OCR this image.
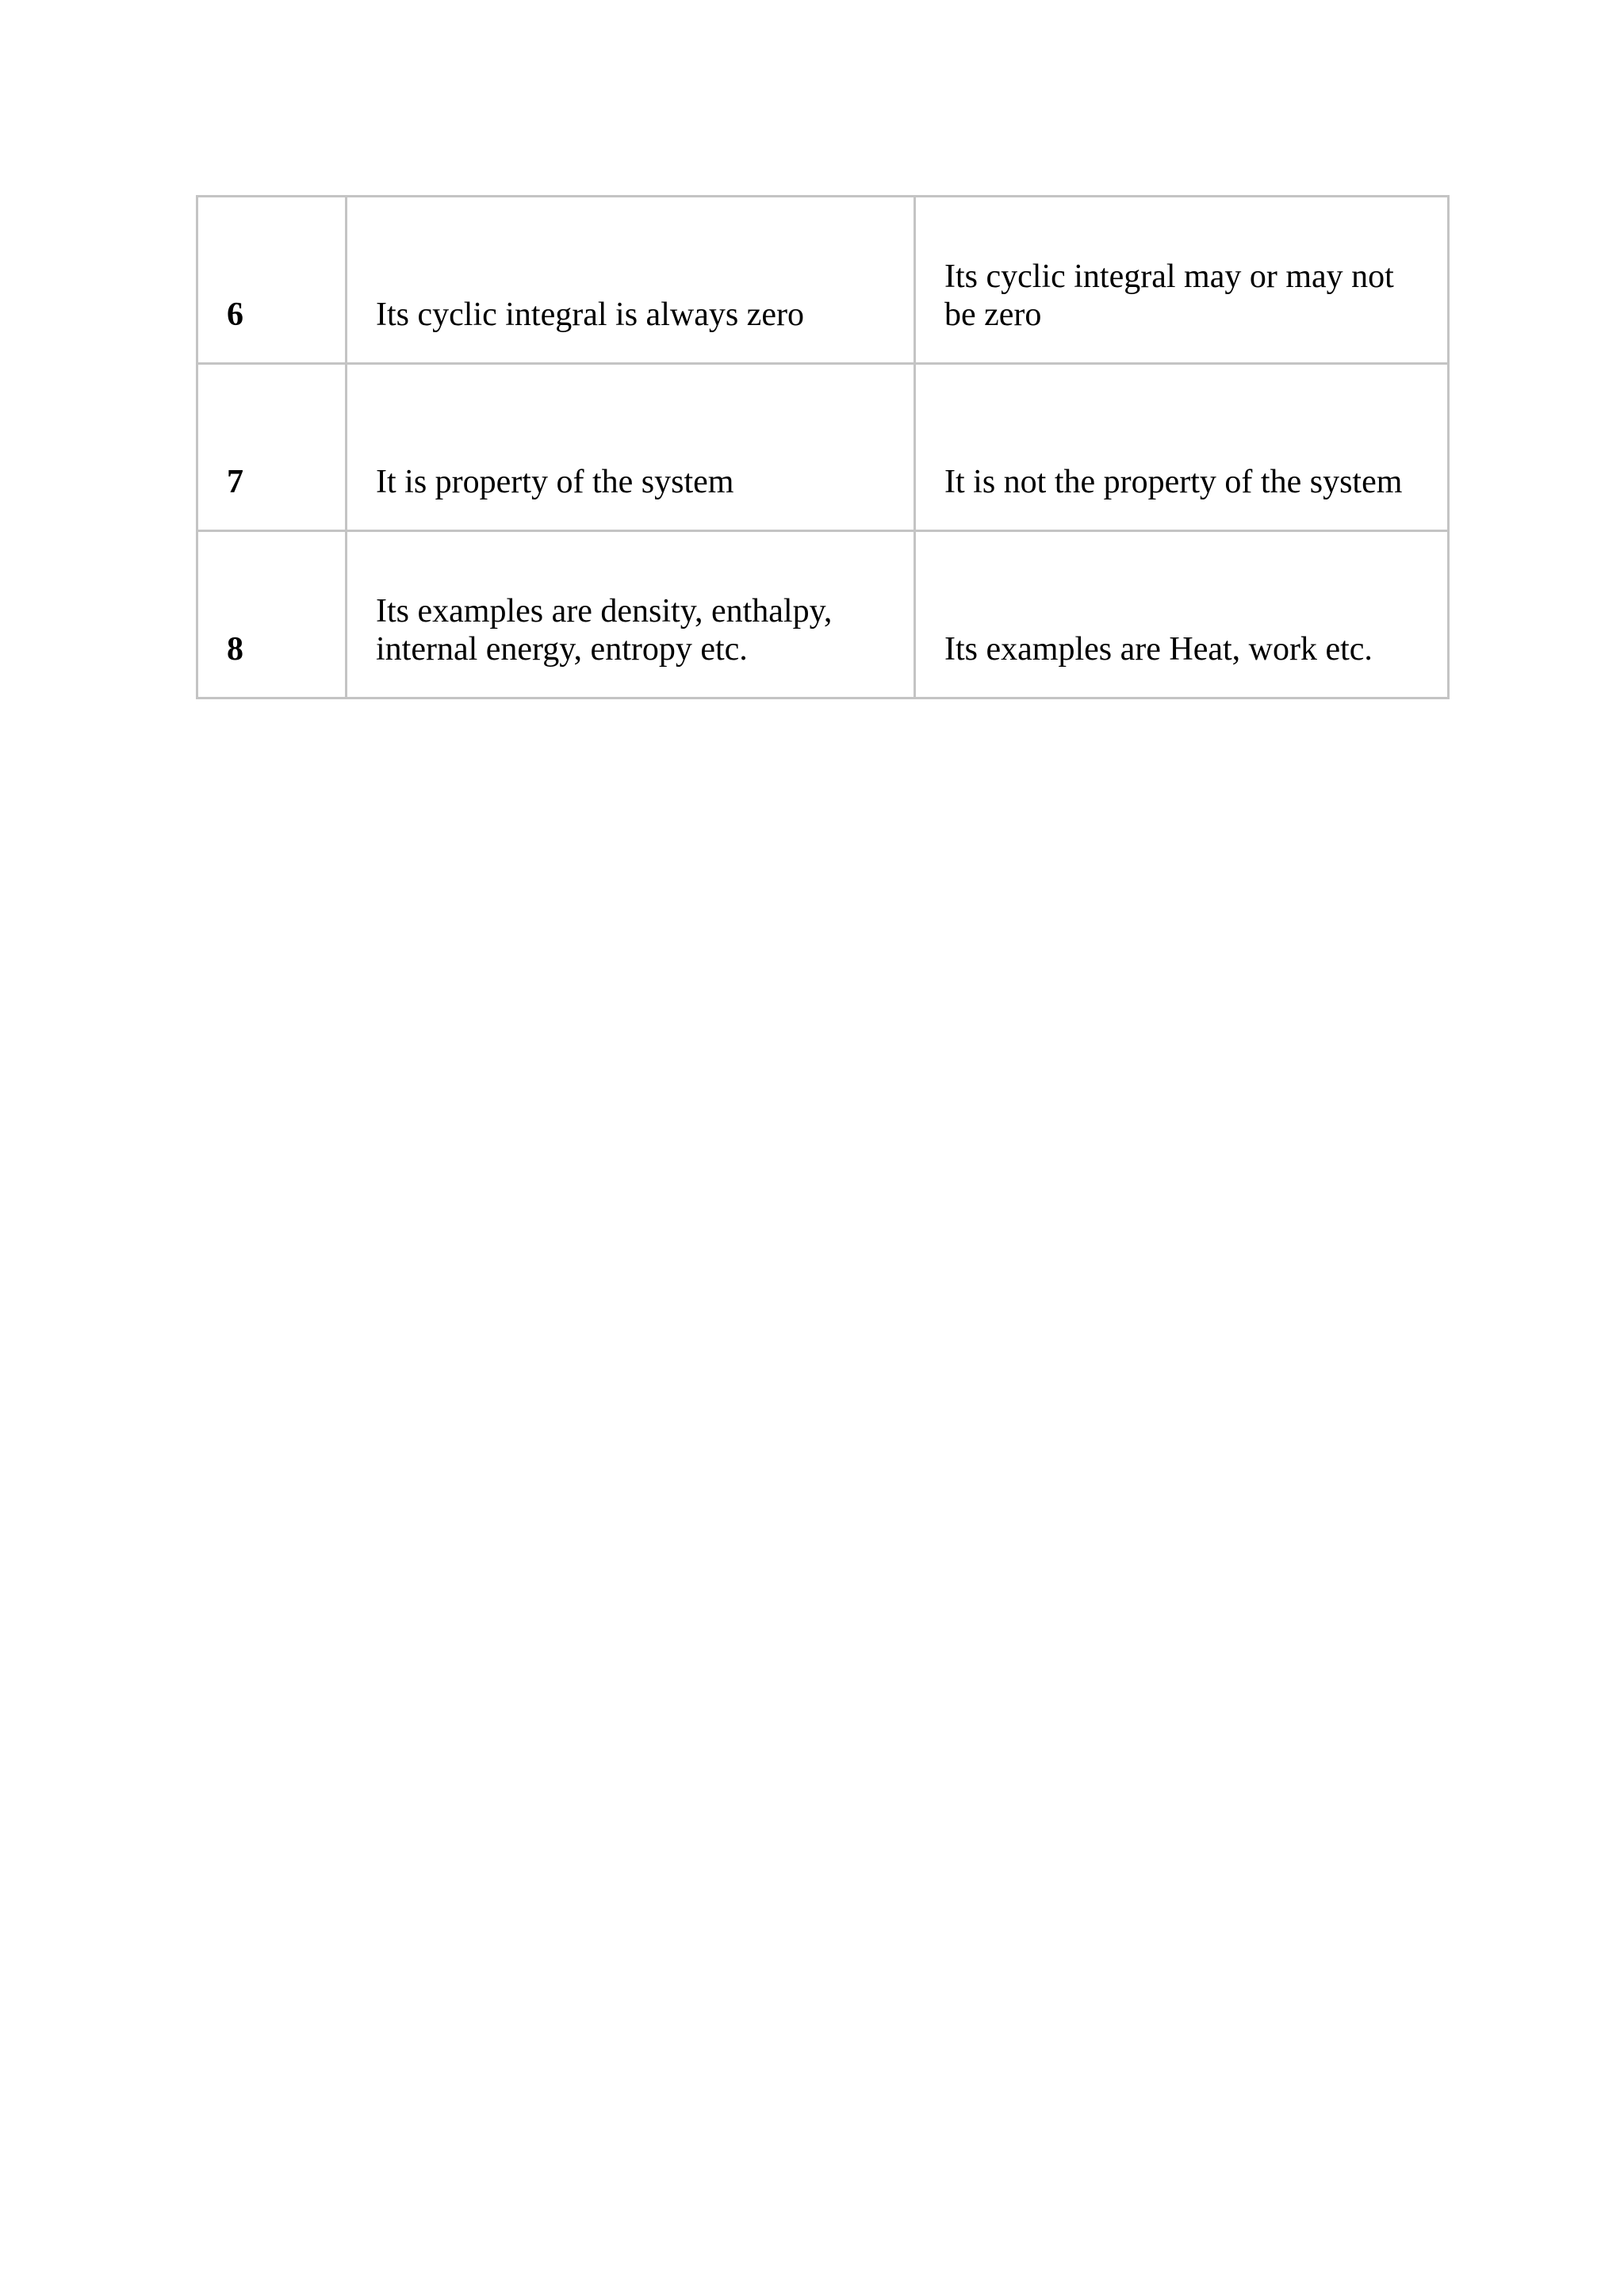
6	Its cyclic integral is always zero	Its cyclic integral may or may not be zero
7	It is property of the system	It is not the property of the system
8	Its examples are density, enthalpy, internal energy, entropy etc.	Its examples are Heat, work etc.
